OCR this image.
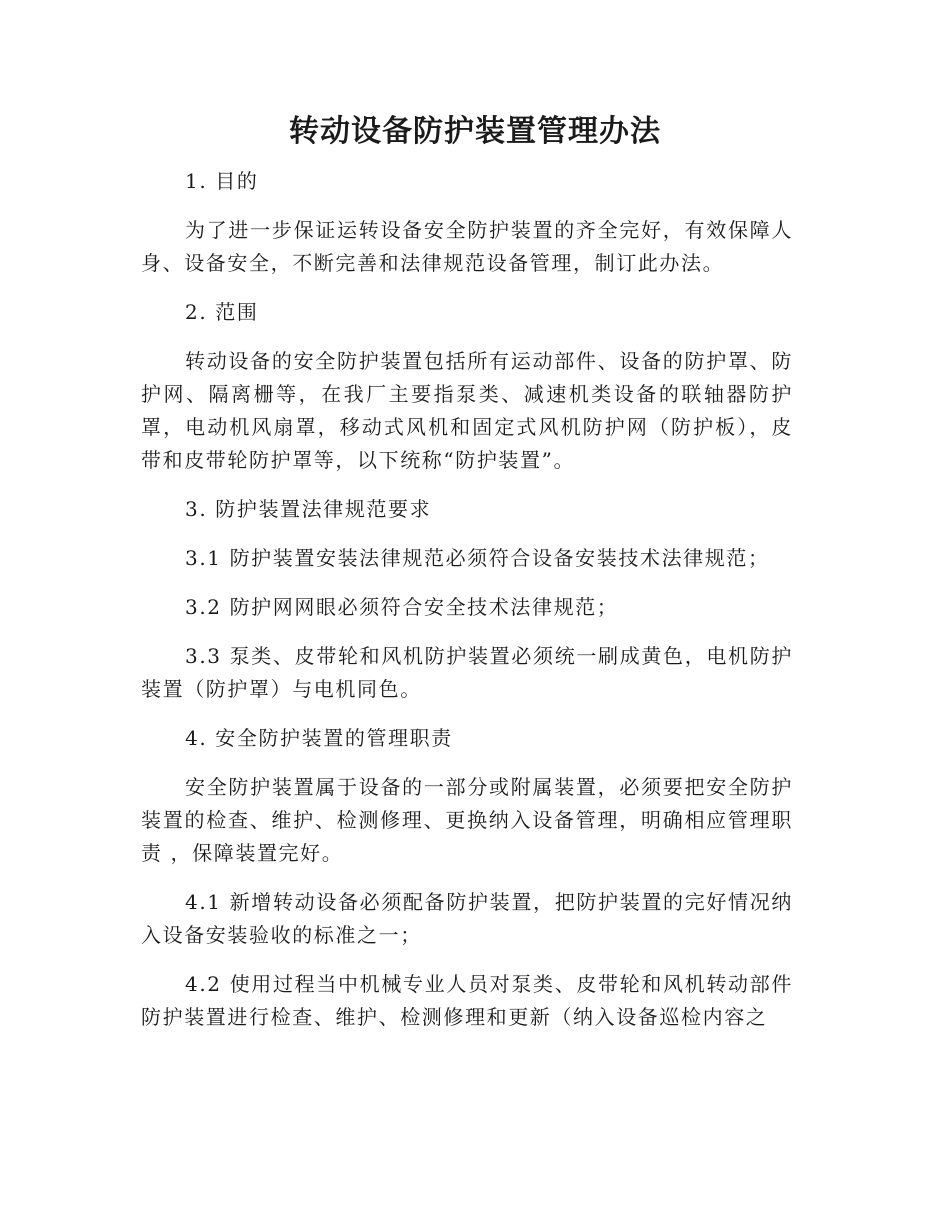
转动设备防护装置管理办法

1. 目的

为了进一步保证运转设备安全防护装置的齐全完好，有效保障人身、设备安全，不断完善和法律规范设备管理，制订此办法。

2. 范围

转动设备的安全防护装置包括所有运动部件、设备的防护罩、防护网、隔离栅等，在我厂主要指泵类、减速机类设备的联轴器防护罩，电动机风扇罩，移动式风机和固定式风机防护网（防护板），皮带和皮带轮防护罩等，以下统称“防护装置”。

3. 防护装置法律规范要求

3.1 防护装置安装法律规范必须符合设备安装技术法律规范；

3.2 防护网网眼必须符合安全技术法律规范；

3.3 泵类、皮带轮和风机防护装置必须统一刷成黄色，电机防护装置（防护罩）与电机同色。

4. 安全防护装置的管理职责

安全防护装置属于设备的一部分或附属装置，必须要把安全防护装置的检查、维护、检测修理、更换纳入设备管理，明确相应管理职责 ，保障装置完好。

4.1 新增转动设备必须配备防护装置，把防护装置的完好情况纳入设备安装验收的标准之一；

4.2 使用过程当中机械专业人员对泵类、皮带轮和风机转动部件防护装置进行检查、维护、检测修理和更新（纳入设备巡检内容之
